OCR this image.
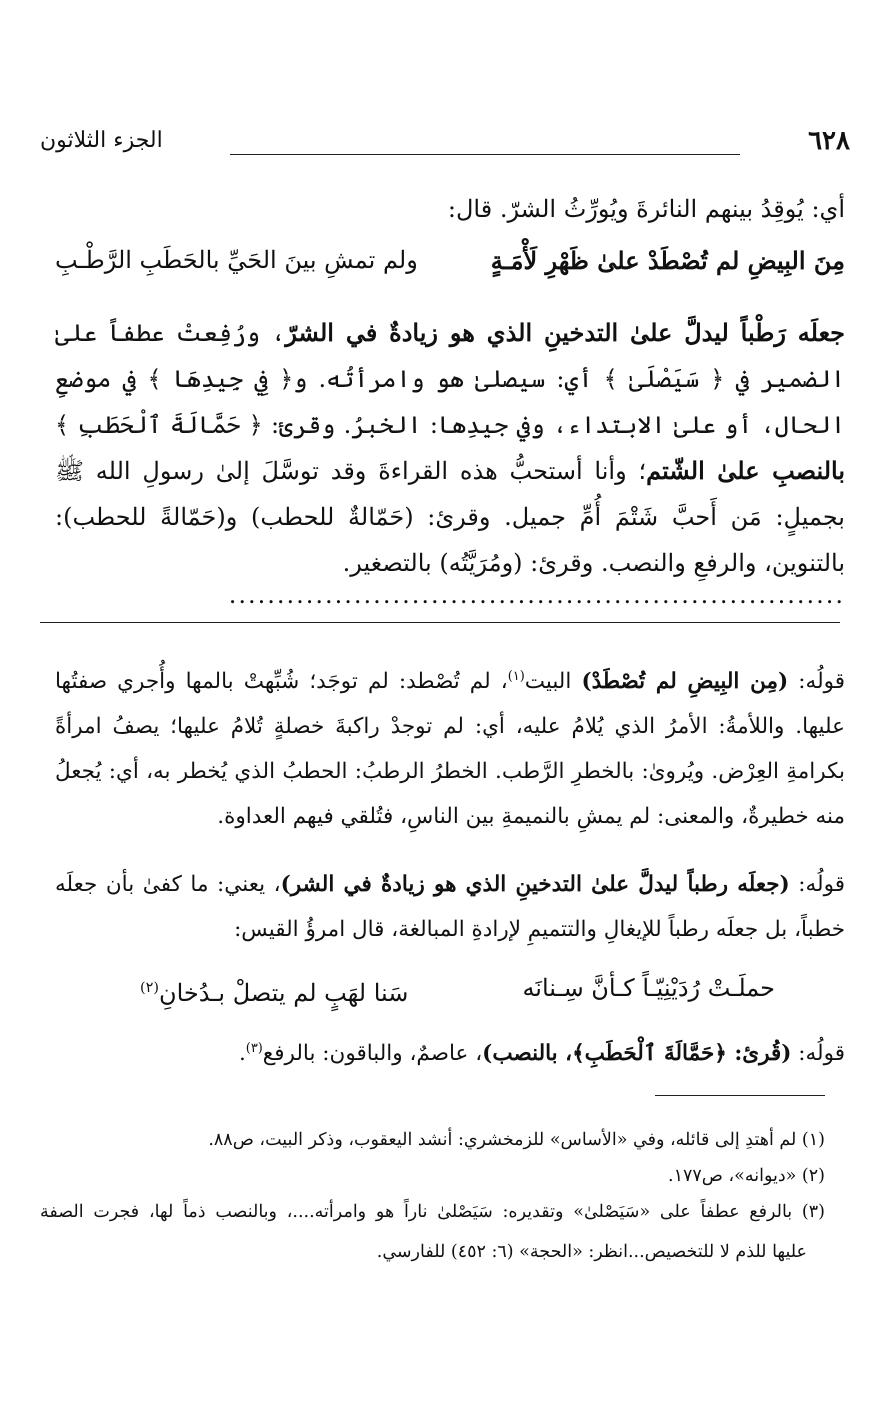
٦٢٨
الجزء الثلاثون
أي: يُوقِدُ بينهم النائرةَ ويُورِّثُ الشرّ. قال:
مِنَ البِيضِ لم تُصْطَدْ علىٰ ظَهْرِ لَأْمَـةٍ
ولم تمشِ بينَ الحَيِّ بالحَطَبِ الرَّطْـبِ
جعلَه رَطْباً ليدلَّ علىٰ التدخينِ الذي هو زيادةٌ في الشرّ، ورُفِعتْ عطفاً علىٰ الضمير في ﴿ سَيَصْلَىٰ ﴾ أي: سيصلىٰ هو وامرأتُه. و﴿ فِي جِيدِهَا ﴾ في موضعِ الحال، أو علىٰ الابتداء، وفي جيدِها: الخبرُ. وقرئ: ﴿ حَمَّالَةَ ٱلْحَطَبِ ﴾بالنصبِ علىٰ الشّتم؛ وأنا أستحبُّ هذه القراءةَ وقد توسَّلَ إلىٰ رسولِ الله ﷺ بجميلٍ: مَن أَحبَّ شَتْمَ أُمِّ جميل. وقرئ: (حَمّالةٌ للحطب) و(حَمّالةً للحطب): بالتنوين، والرفعِ والنصب. وقرئ: (ومُرَيَّتُه) بالتصغير.
................................................................
قولُه: (مِن البِيضِ لم تُصْطَدْ) البيت$^{(١)}$، لم تُصْطد: لم توجَد؛ شُبِّهتْ بالمها وأُجري صفتُها عليها. واللأمةُ: الأمرُ الذي يُلامُ عليه، أي: لم توجدْ راكبةَ خصلةٍ تُلامُ عليها؛ يصفُ امرأةً بكرامةِ العِرْض. ويُروىٰ: بالخطرِ الرَّطب. الخطرُ الرطبُ: الحطبُ الذي يُخطر به، أي: يُجعلُ منه خطيرةٌ، والمعنى: لم يمشِ بالنميمةِ بين الناسِ، فتُلقي فيهم العداوة.
قولُه: (جعلَه رطباً ليدلَّ علىٰ التدخينِ الذي هو زيادةٌ في الشر)، يعني: ما كفىٰ بأن جعلَه خطباً، بل جعلَه رطباً للإيغالِ والتتميمِ لإرادةِ المبالغة، قال امرؤُ القيس:
حملَـتْ رُدَيْنِيّـاً كـأنَّ سِـنانَه
سَنا لهَبٍ لم يتصلْ بـدُخانِ$^{(٢)}$
قولُه: (قُرئ: ﴿حَمَّالَةَ ٱلْحَطَبِ﴾، بالنصب)، عاصمٌ، والباقون: بالرفع$^{(٣)}$.
(١) لم أهتدِ إلى قائله، وفي «الأساس» للزمخشري: أنشد اليعقوب، وذكر البيت، ص٨٨.
(٢) «ديوانه»، ص١٧٧.
(٣) بالرفع عطفاً على «سَيَصْلىٰ» وتقديره: سَيَصْلىٰ ناراً هو وامرأته....، وبالنصب ذماً لها، فجرت الصفة
عليها للذم لا للتخصيص...انظر: «الحجة» (٦: ٤٥٢) للفارسي.
